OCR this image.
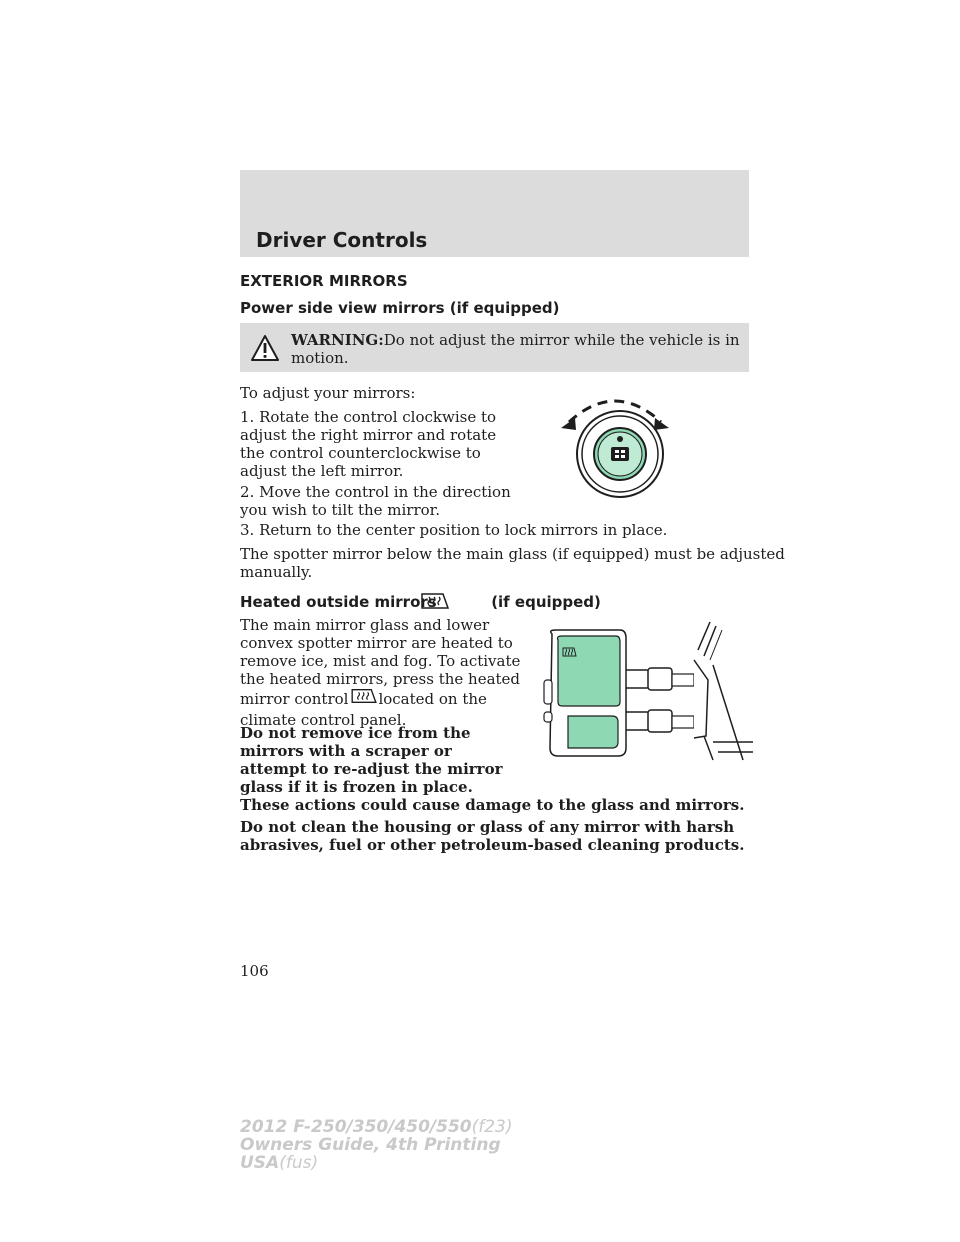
Driver Controls
EXTERIOR MIRRORS
Power side view mirrors (if equipped)
WARNING:Do not adjust the mirror while the vehicle is in
motion.
To adjust your mirrors:
1. Rotate the control clockwise to
adjust the right mirror and rotate
the control counterclockwise to
adjust the left mirror.
2. Move the control in the direction
you wish to tilt the mirror.
3. Return to the center position to lock mirrors in place.
The spotter mirror below the main glass (if equipped) must be adjusted
manually.
Heated outside mirrors	(if equipped)
The main mirror glass and lower
convex spotter mirror are heated to
remove ice, mist and fog. To activate
the heated mirrors, press the heated
mirror control located on the
climate control panel.
Do not remove ice from the
mirrors with a scraper or
attempt to re-adjust the mirror
glass if it is frozen in place.
These actions could cause damage to the glass and mirrors.
Do not clean the housing or glass of any mirror with harsh
abrasives, fuel or other petroleum-based cleaning products.
106
2012 F-250/350/450/550(f23)
Owners Guide, 4th Printing
USA(fus)
